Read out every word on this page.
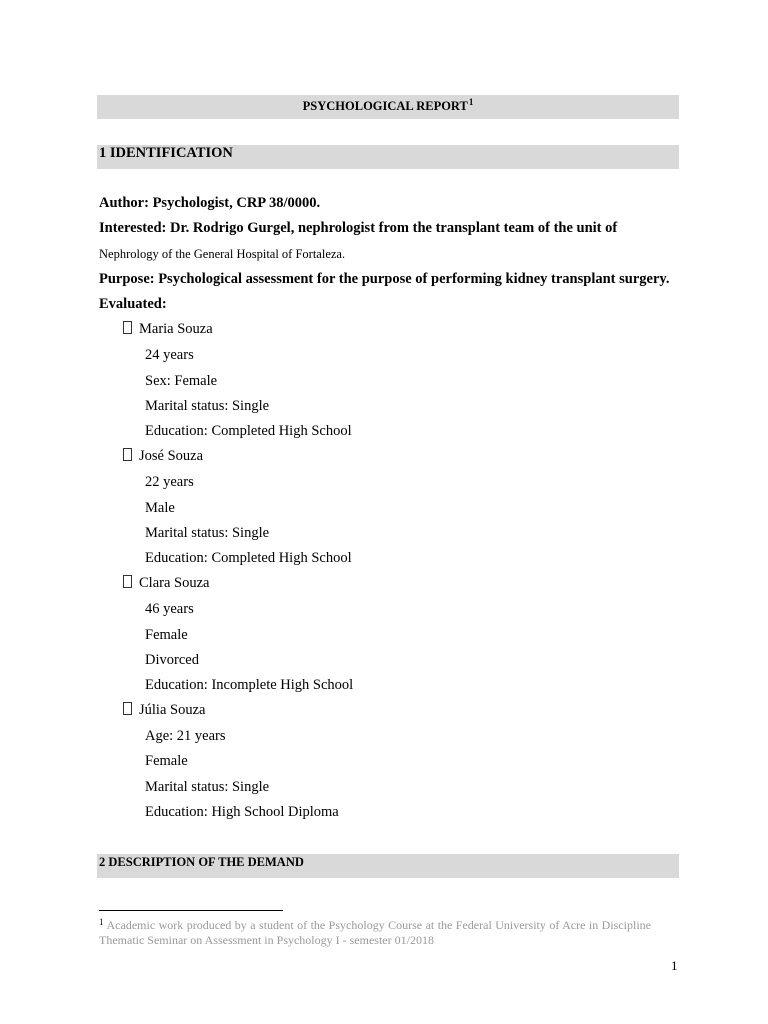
PSYCHOLOGICAL REPORT$^1$
1 IDENTIFICATION
Author: Psychologist, CRP 38/0000.
Interested: Dr. Rodrigo Gurgel, nephrologist from the transplant team of the unit of
Nephrology of the General Hospital of Fortaleza.
Purpose: Psychological assessment for the purpose of performing kidney transplant surgery.
Evaluated:
Maria Souza
24 years
Sex: Female
Marital status: Single
Education: Completed High School
José Souza
22 years
Male
Marital status: Single
Education: Completed High School
Clara Souza
46 years
Female
Divorced
Education: Incomplete High School
Júlia Souza
Age: 21 years
Female
Marital status: Single
Education: High School Diploma
2 DESCRIPTION OF THE DEMAND
$^1$ Academic work produced by a student of the Psychology Course at the Federal University of Acre in Discipline Thematic Seminar on Assessment in Psychology I - semester 01/2018
1
